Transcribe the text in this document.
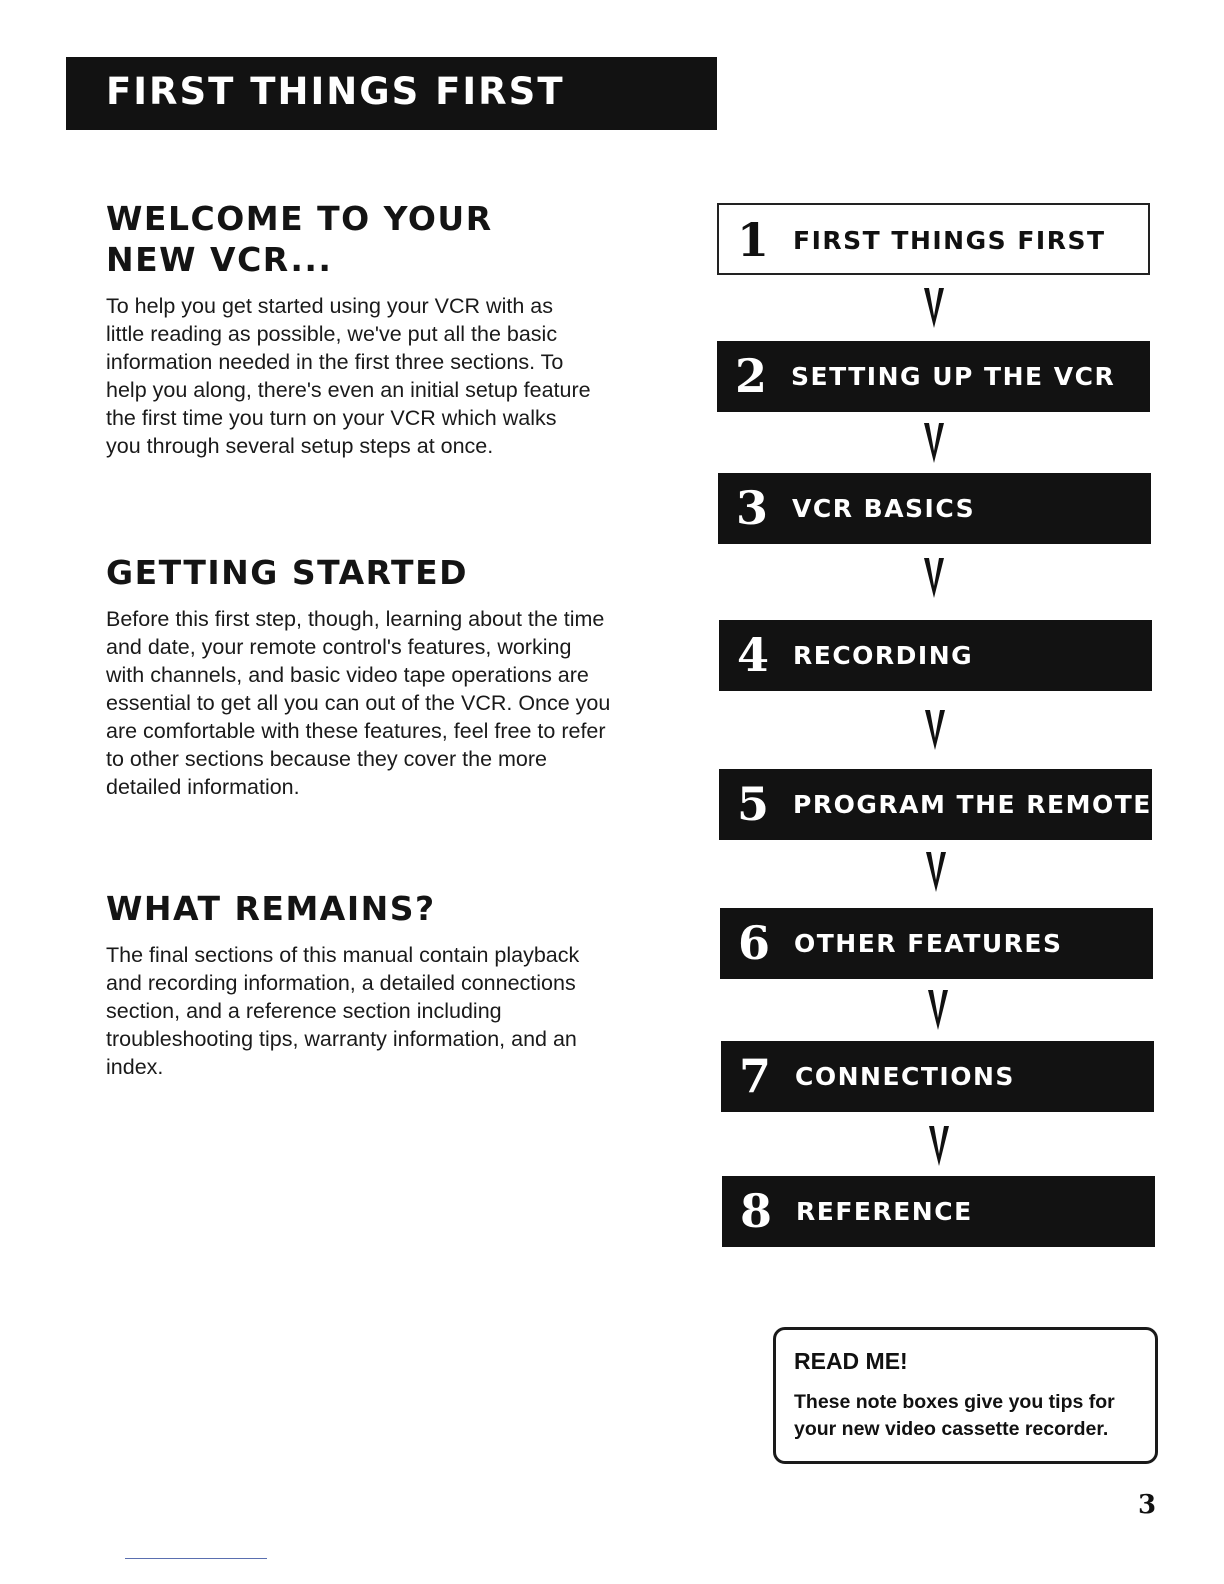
FIRST THINGS FIRST
WELCOME TO YOUR NEW VCR...

To help you get started using your VCR with as little reading as possible, we've put all the basic information needed in the first three sections. To help you along, there's even an initial setup feature the first time you turn on your VCR which walks you through several setup steps at once.

GETTING STARTED

Before this first step, though, learning about the time and date, your remote control's features, working with channels, and basic video tape operations are essential to get all you can out of the VCR. Once you are comfortable with these features, feel free to refer to other sections because they cover the more detailed information.

WHAT REMAINS?

The final sections of this manual contain playback and recording information, a detailed connections section, and a reference section including troubleshooting tips, warranty information, and an index.

1 FIRST THINGS FIRST
2 SETTING UP THE VCR
3 VCR BASICS
4 RECORDING
5 PROGRAM THE REMOTE
6 OTHER FEATURES
7 CONNECTIONS
8 REFERENCE
READ ME!
These note boxes give you tips for your new video cassette recorder.
3
